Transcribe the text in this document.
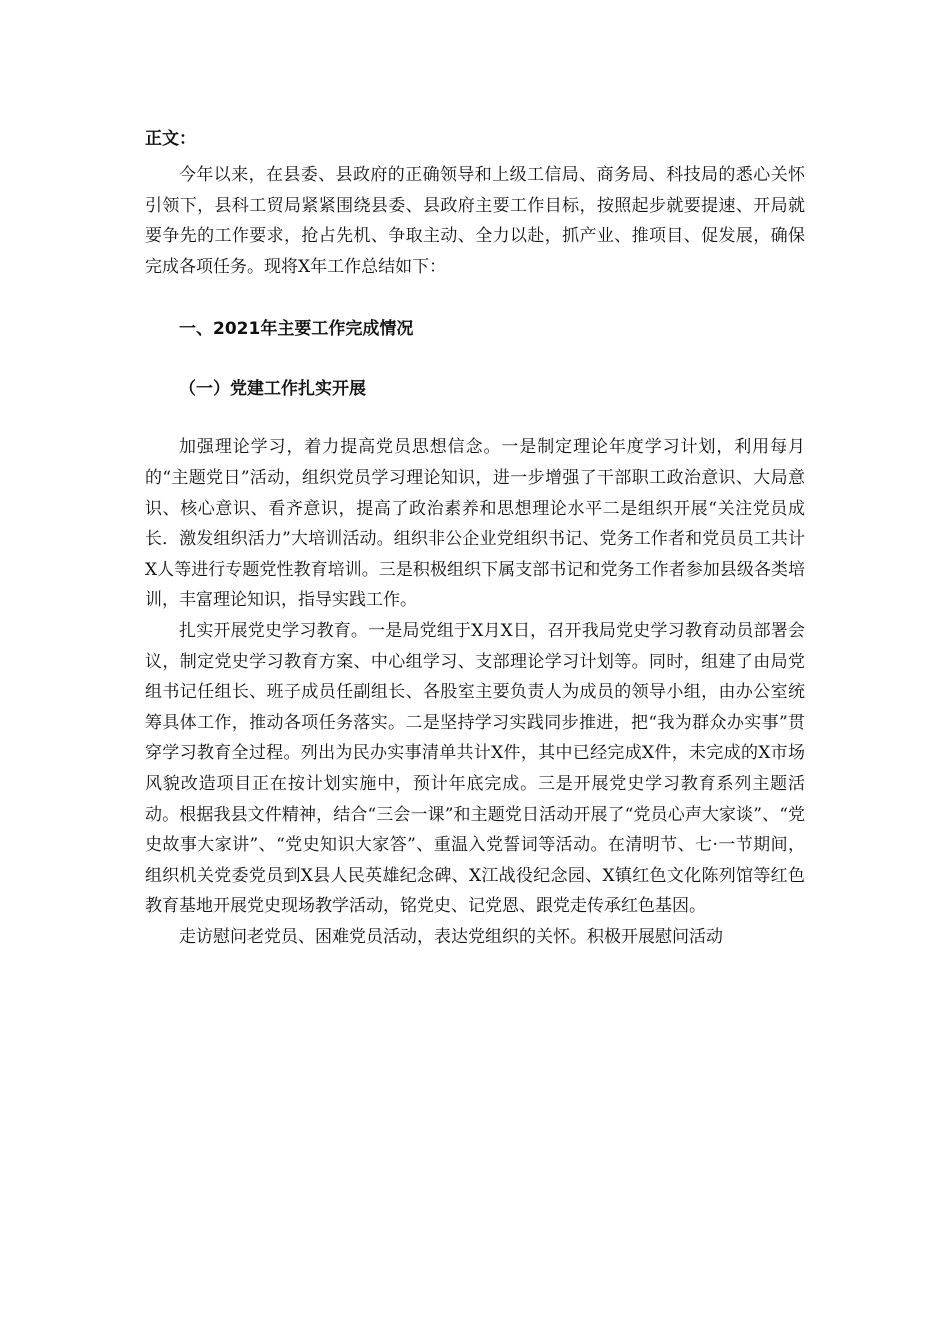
正文：

今年以来，在县委、县政府的正确领导和上级工信局、商务局、科技局的悉心关怀引领下，县科工贸局紧紧围绕县委、县政府主要工作目标，按照起步就要提速、开局就要争先的工作要求，抢占先机、争取主动、全力以赴，抓产业、推项目、促发展，确保完成各项任务。现将X年工作总结如下：

一、2021年主要工作完成情况

（一）党建工作扎实开展

加强理论学习，着力提高党员思想信念。一是制定理论年度学习计划，利用每月的“主题党日”活动，组织党员学习理论知识，进一步增强了干部职工政治意识、大局意识、核心意识、看齐意识，提高了政治素养和思想理论水平二是组织开展“关注党员成长．激发组织活力”大培训活动。组织非公企业党组织书记、党务工作者和党员员工共计X人等进行专题党性教育培训。三是积极组织下属支部书记和党务工作者参加县级各类培训，丰富理论知识，指导实践工作。

扎实开展党史学习教育。一是局党组于X月X日，召开我局党史学习教育动员部署会议，制定党史学习教育方案、中心组学习、支部理论学习计划等。同时，组建了由局党组书记任组长、班子成员任副组长、各股室主要负责人为成员的领导小组，由办公室统筹具体工作，推动各项任务落实。二是坚持学习实践同步推进，把“我为群众办实事”贯穿学习教育全过程。列出为民办实事清单共计X件，其中已经完成X件，未完成的X市场风貌改造项目正在按计划实施中，预计年底完成。三是开展党史学习教育系列主题活动。根据我县文件精神，结合“三会一课”和主题党日活动开展了“党员心声大家谈”、“党史故事大家讲”、“党史知识大家答”、重温入党誓词等活动。在清明节、七·一节期间，组织机关党委党员到X县人民英雄纪念碑、X江战役纪念园、X镇红色文化陈列馆等红色教育基地开展党史现场教学活动，铭党史、记党恩、跟党走传承红色基因。

走访慰问老党员、困难党员活动，表达党组织的关怀。积极开展慰问活动
